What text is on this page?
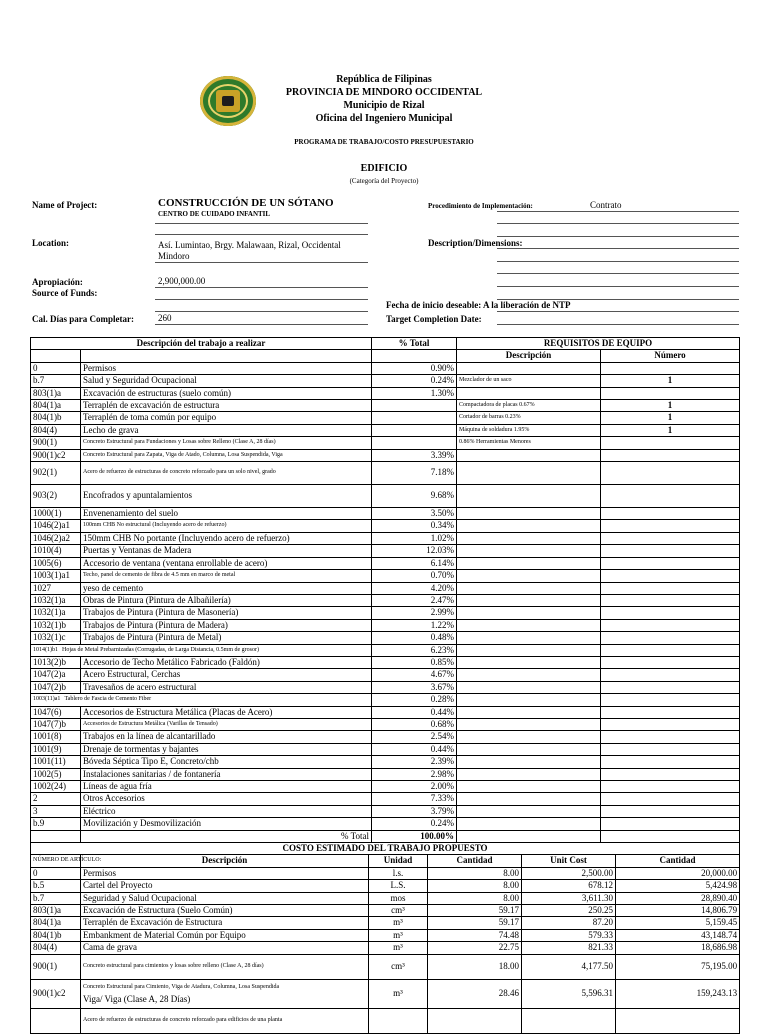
República de Filipinas
PROVINCIA DE MINDORO OCCIDENTAL
Municipio de Rizal
Oficina del Ingeniero Municipal
PROGRAMA DE TRABAJO/COSTO PRESUPUESTARIO
EDIFICIO
(Categoría del Proyecto)
Name of Project:	CONSTRUCCIÓN DE UN SÓTANO
CENTRO DE CUIDADO INFANTIL
Procedimiento de Implementación:	Contrato
Location:	Así. Lumintao, Brgy. Malawaan, Rizal, Occidental
Mindoro
Description/Dimensions:
Apropiación:	2,900,000.00
Source of Funds:
Fecha de inicio deseable: A la liberación de NTP
Cal. Días para Completar:	260	Target Completion Date:
Descripción del trabajo a realizar		% Total	REQUISITOS DE EQUIPO	
			Descripción	Número
0	Permisos	0.90%		
b.7	Salud y Seguridad Ocupacional	0.24%	Mezclador de un saco	1
803(1)a	Excavación de estructuras (suelo común)	1.30%		
804(1)a	Terraplén de excavación de estructura		Compactadora de placas 0.67%	1
804(1)b	Terraplén de toma común por equipo		Cortador de barras 0.23%	1
804(4)	Lecho de grava		Máquina de soldadura 1.95%	1
900(1)	Concreto Estructural para Fundaciones y Losas sobre Relleno (Clase A, 28 días)		0.86% Herramientas Menores	
900(1)c2	Concreto Estructural para Zapata, Viga de Atado, Columna, Losa Suspendida, Viga	3.39%		
902(1)	Acero de refuerzo de estructuras de concreto reforzado para un solo nivel, grado	7.18%		
903(2)	Encofrados y apuntalamientos	9.68%		
1000(1)	Envenenamiento del suelo	3.50%		
1046(2)a1	100mm CHB No estructural (Incluyendo acero de refuerzo)	0.34%		
1046(2)a2	150mm CHB No portante (Incluyendo acero de refuerzo)	1.02%		
1010(4)	Puertas y Ventanas de Madera	12.03%		
1005(6)	Accesorio de ventana (ventana enrollable de acero)	6.14%		
1003(1)a1	Techo, panel de cemento de fibra de 4.5 mm en marco de metal	0.70%		
1027	yeso de cemento	4.20%		
1032(1)a	Obras de Pintura (Pintura de Albañilería)	2.47%		
1032(1)a	Trabajos de Pintura (Pintura de Masonería)	2.99%		
1032(1)b	Trabajos de Pintura (Pintura de Madera)	1.22%		
1032(1)c	Trabajos de Pintura (Pintura de Metal)	0.48%		
1014(1)b1 Hojas de Metal Prebarnizadas (Corrugadas, de Larga Distancia, 0.5mm de grosor)		6.23%		
1013(2)b	Accesorio de Techo Metálico Fabricado (Faldón)	0.85%		
1047(2)a	Acero Estructural, Cerchas	4.67%		
1047(2)b	Travesaños de acero estructural	3.67%		
1003(11)a1 Tablero de Fascia de Cemento Fiber		0.28%		
1047(6)	Accesorios de Estructura Metálica (Placas de Acero)	0.44%		
1047(7)b	Accesorios de Estructura Metálica (Varillas de Tensado)	0.68%		
1001(8)	Trabajos en la línea de alcantarillado	2.54%		
1001(9)	Drenaje de tormentas y bajantes	0.44%		
1001(11)	Bóveda Séptica Tipo E, Concreto/chb	2.39%		
1002(5)	Instalaciones sanitarias / de fontanería	2.98%		
1002(24)	Líneas de agua fría	2.00%		
2	Otros Accesorios	7.33%		
3	Eléctrico	3.79%		
b.9	Movilización y Desmovilización	0.24%		
	% Total	100.00%		
COSTO ESTIMADO DEL TRABAJO PROPUESTO					
NÚMERO DE ARTÍCULO:	Descripción	Unidad	Cantidad	Unit Cost	Cantidad
0	Permisos	l.s.	8.00	2,500.00	20,000.00
b.5	Cartel del Proyecto	L.S.	8.00	678.12	5,424.98
b.7	Seguridad y Salud Ocupacional	mos	8.00	3,611.30	28,890.40
803(1)a	Excavación de Estructura (Suelo Común)	cm³	59.17	250.25	14,806.79
804(1)a	Terraplén de Excavación de Estructura	m³	59.17	87.20	5,159.45
804(1)b	Embankment de Material Común por Equipo	m³	74.48	579.33	43,148.74
804(4)	Cama de grava	m³	22.75	821.33	18,686.98
900(1)	Concreto estructural para cimientos y losas sobre relleno (Clase A, 28 días)	cm³	18.00	4,177.50	75,195.00
900(1)c2	Concreto Estructural para Cimiento, Viga de Atadura, Columna, Losa Suspendida
Viga/ Viga (Clase A, 28 Días)	m³	28.46	5,596.31	159,243.13

	Acero de refuerzo de estructuras de concreto reforzado para edificios de una planta				
